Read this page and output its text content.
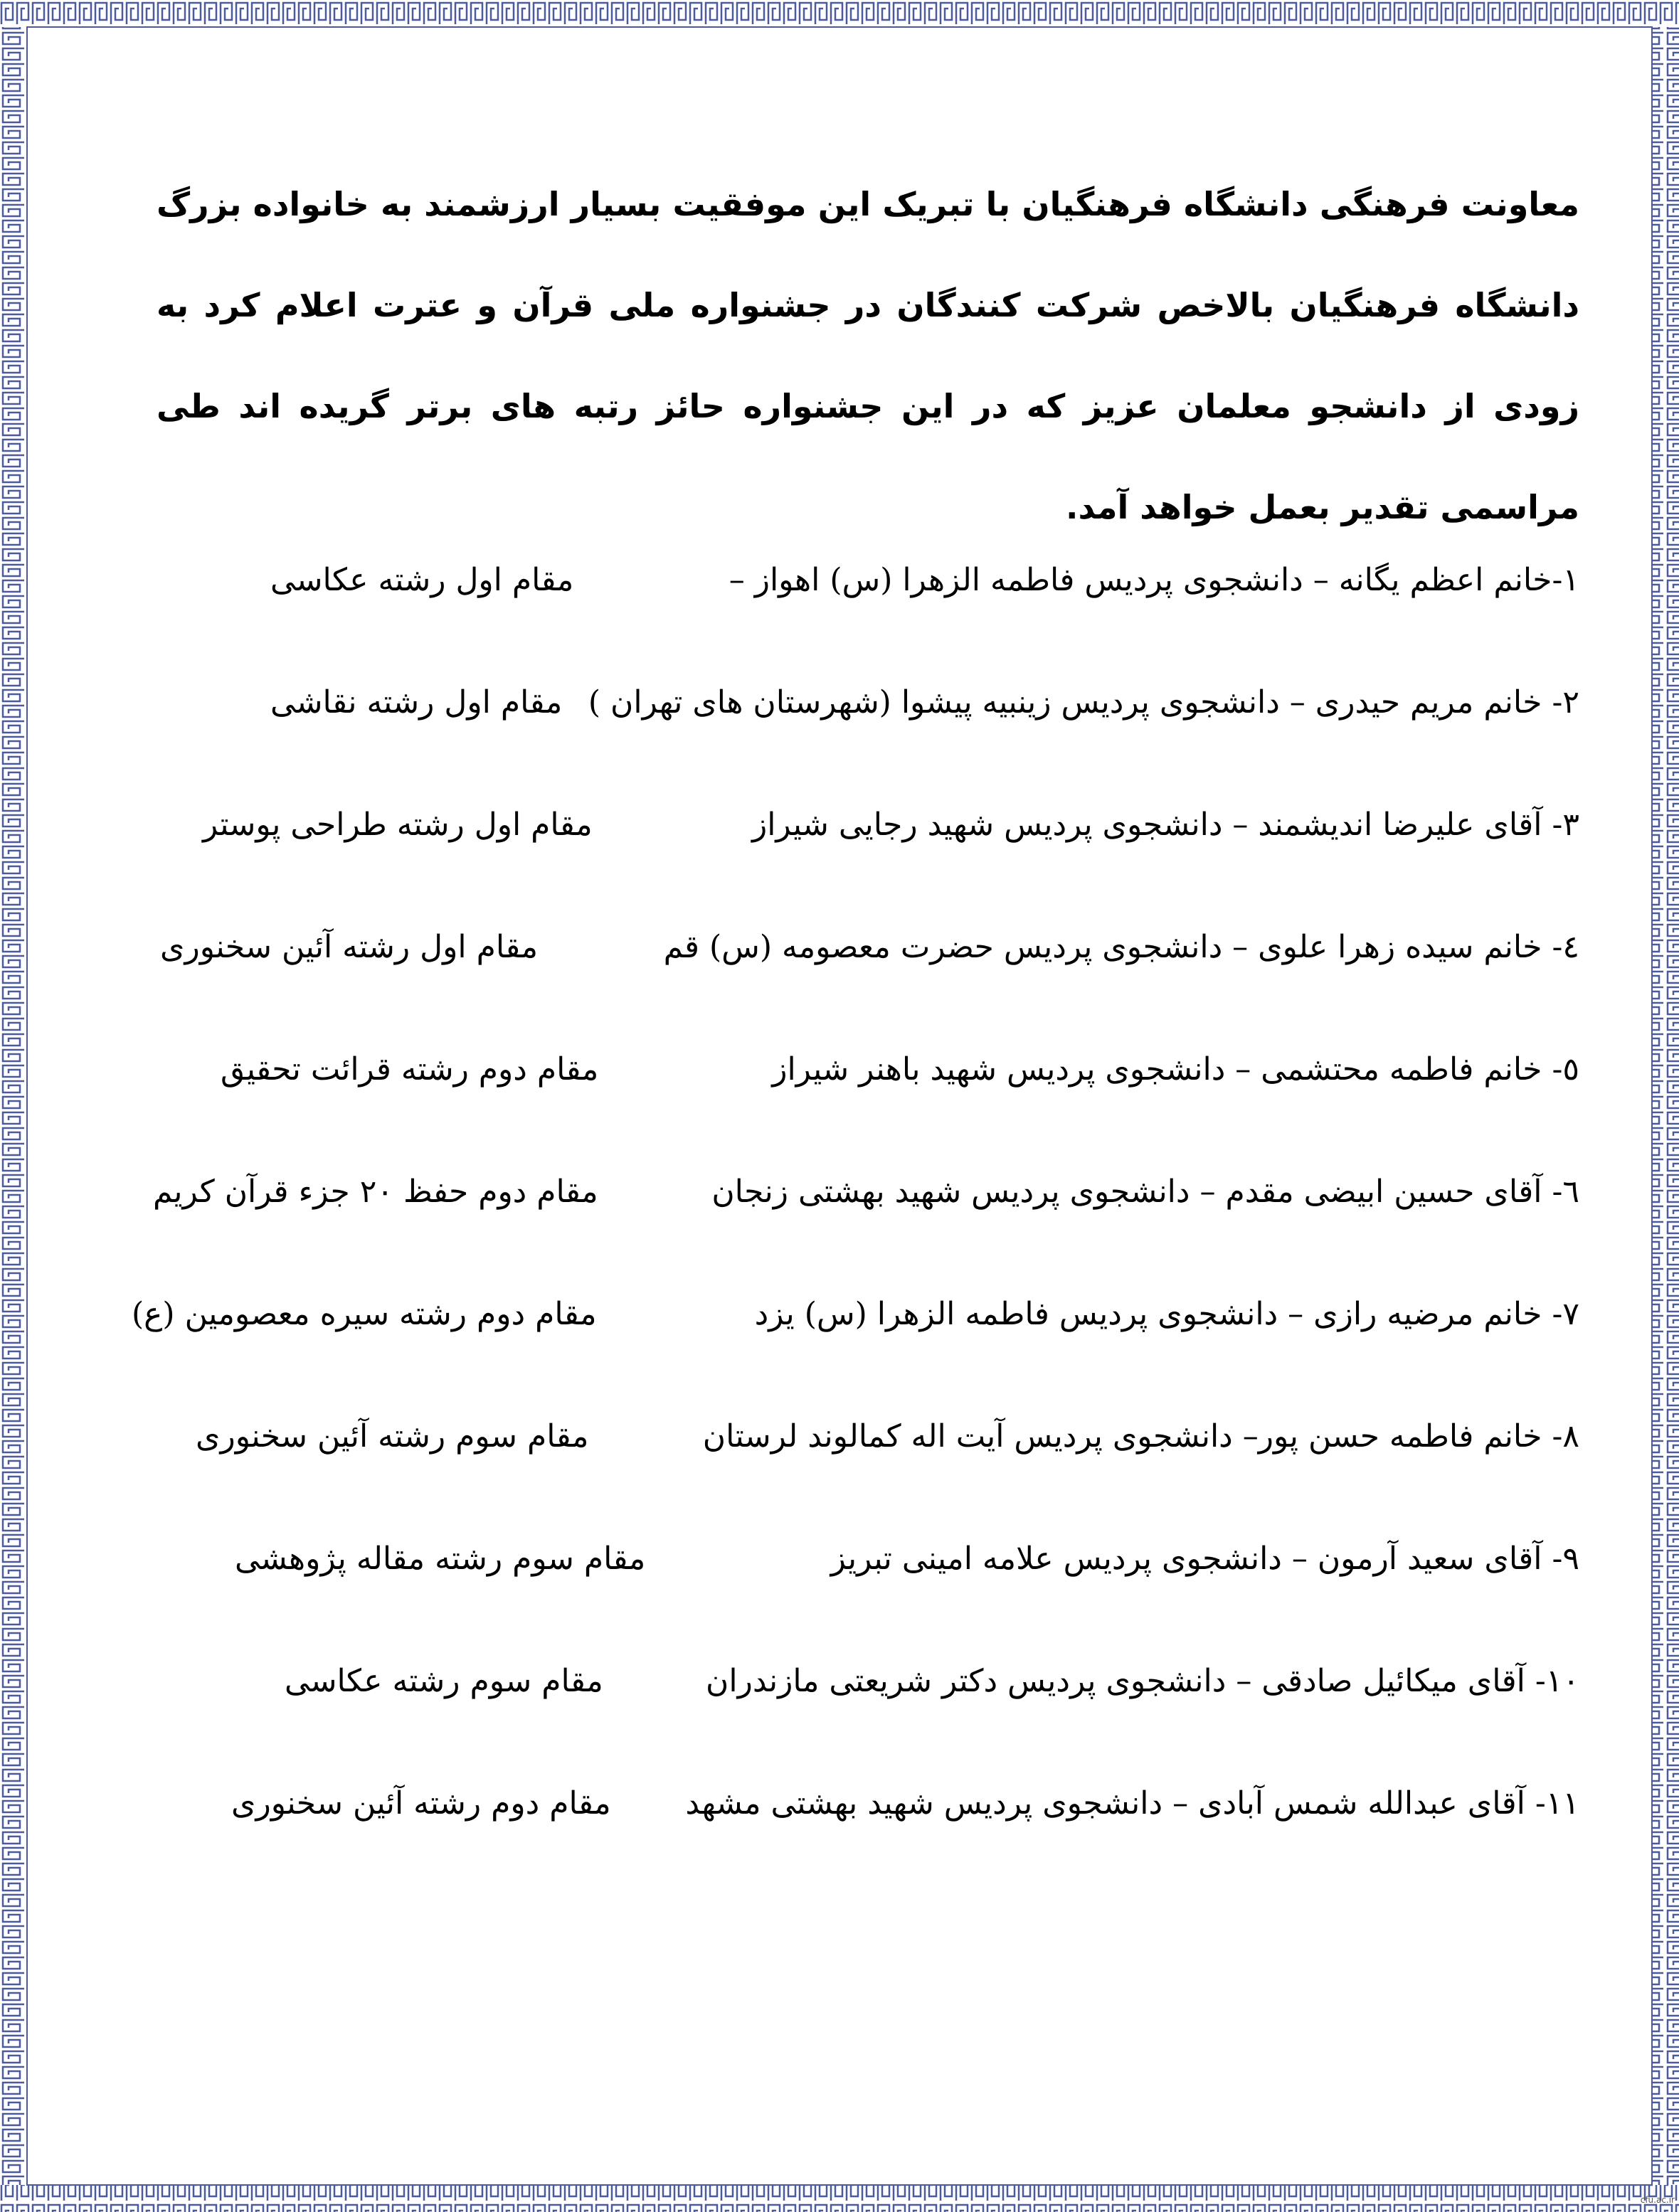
معاونت فرهنگی دانشگاه فرهنگیان با تبریک این موفقیت بسیار ارزشمند به خانواده بزرگ دانشگاه فرهنگیان بالاخص شرکت کنندگان در جشنواره ملی قرآن و عترت اعلام کرد به زودی از دانشجو معلمان عزیز که در این جشنواره حائز رتبه های برتر گریده اند طی مراسمی تقدیر بعمل خواهد آمد.

۱-خانم اعظم یگانه – دانشجوی پردیس فاطمه الزهرا (س) اهواز –
مقام اول رشته عکاسی
۲- خانم مریم حیدری – دانشجوی پردیس زینبیه پیشوا (شهرستان های تهران )
مقام اول رشته نقاشی
۳- آقای علیرضا اندیشمند – دانشجوی پردیس شهید رجایی شیراز
مقام اول رشته طراحی پوستر
٤- خانم سیده زهرا علوی – دانشجوی پردیس حضرت معصومه (س) قم
مقام اول رشته آئین سخنوری
٥- خانم فاطمه محتشمی – دانشجوی پردیس شهید باهنر شیراز
مقام دوم رشته قرائت تحقیق
٦- آقای حسین ابیضی مقدم – دانشجوی پردیس شهید بهشتی زنجان
مقام دوم حفظ ۲۰ جزء قرآن کریم
۷- خانم مرضیه رازی – دانشجوی پردیس فاطمه الزهرا (س) یزد
مقام دوم رشته سیره معصومین (ع)
۸- خانم فاطمه حسن پور– دانشجوی پردیس آیت اله کمالوند لرستان
مقام سوم رشته آئین سخنوری
۹- آقای سعید آرمون – دانشجوی پردیس علامه امینی تبریز
مقام سوم رشته مقاله پژوهشی
۱۰- آقای میکائیل صادقی – دانشجوی پردیس دکتر شریعتی مازندران
مقام سوم رشته عکاسی
۱۱- آقای عبدالله شمس آبادی – دانشجوی پردیس شهید بهشتی مشهد
مقام دوم رشته آئین سخنوری
cfu.ac.ir
